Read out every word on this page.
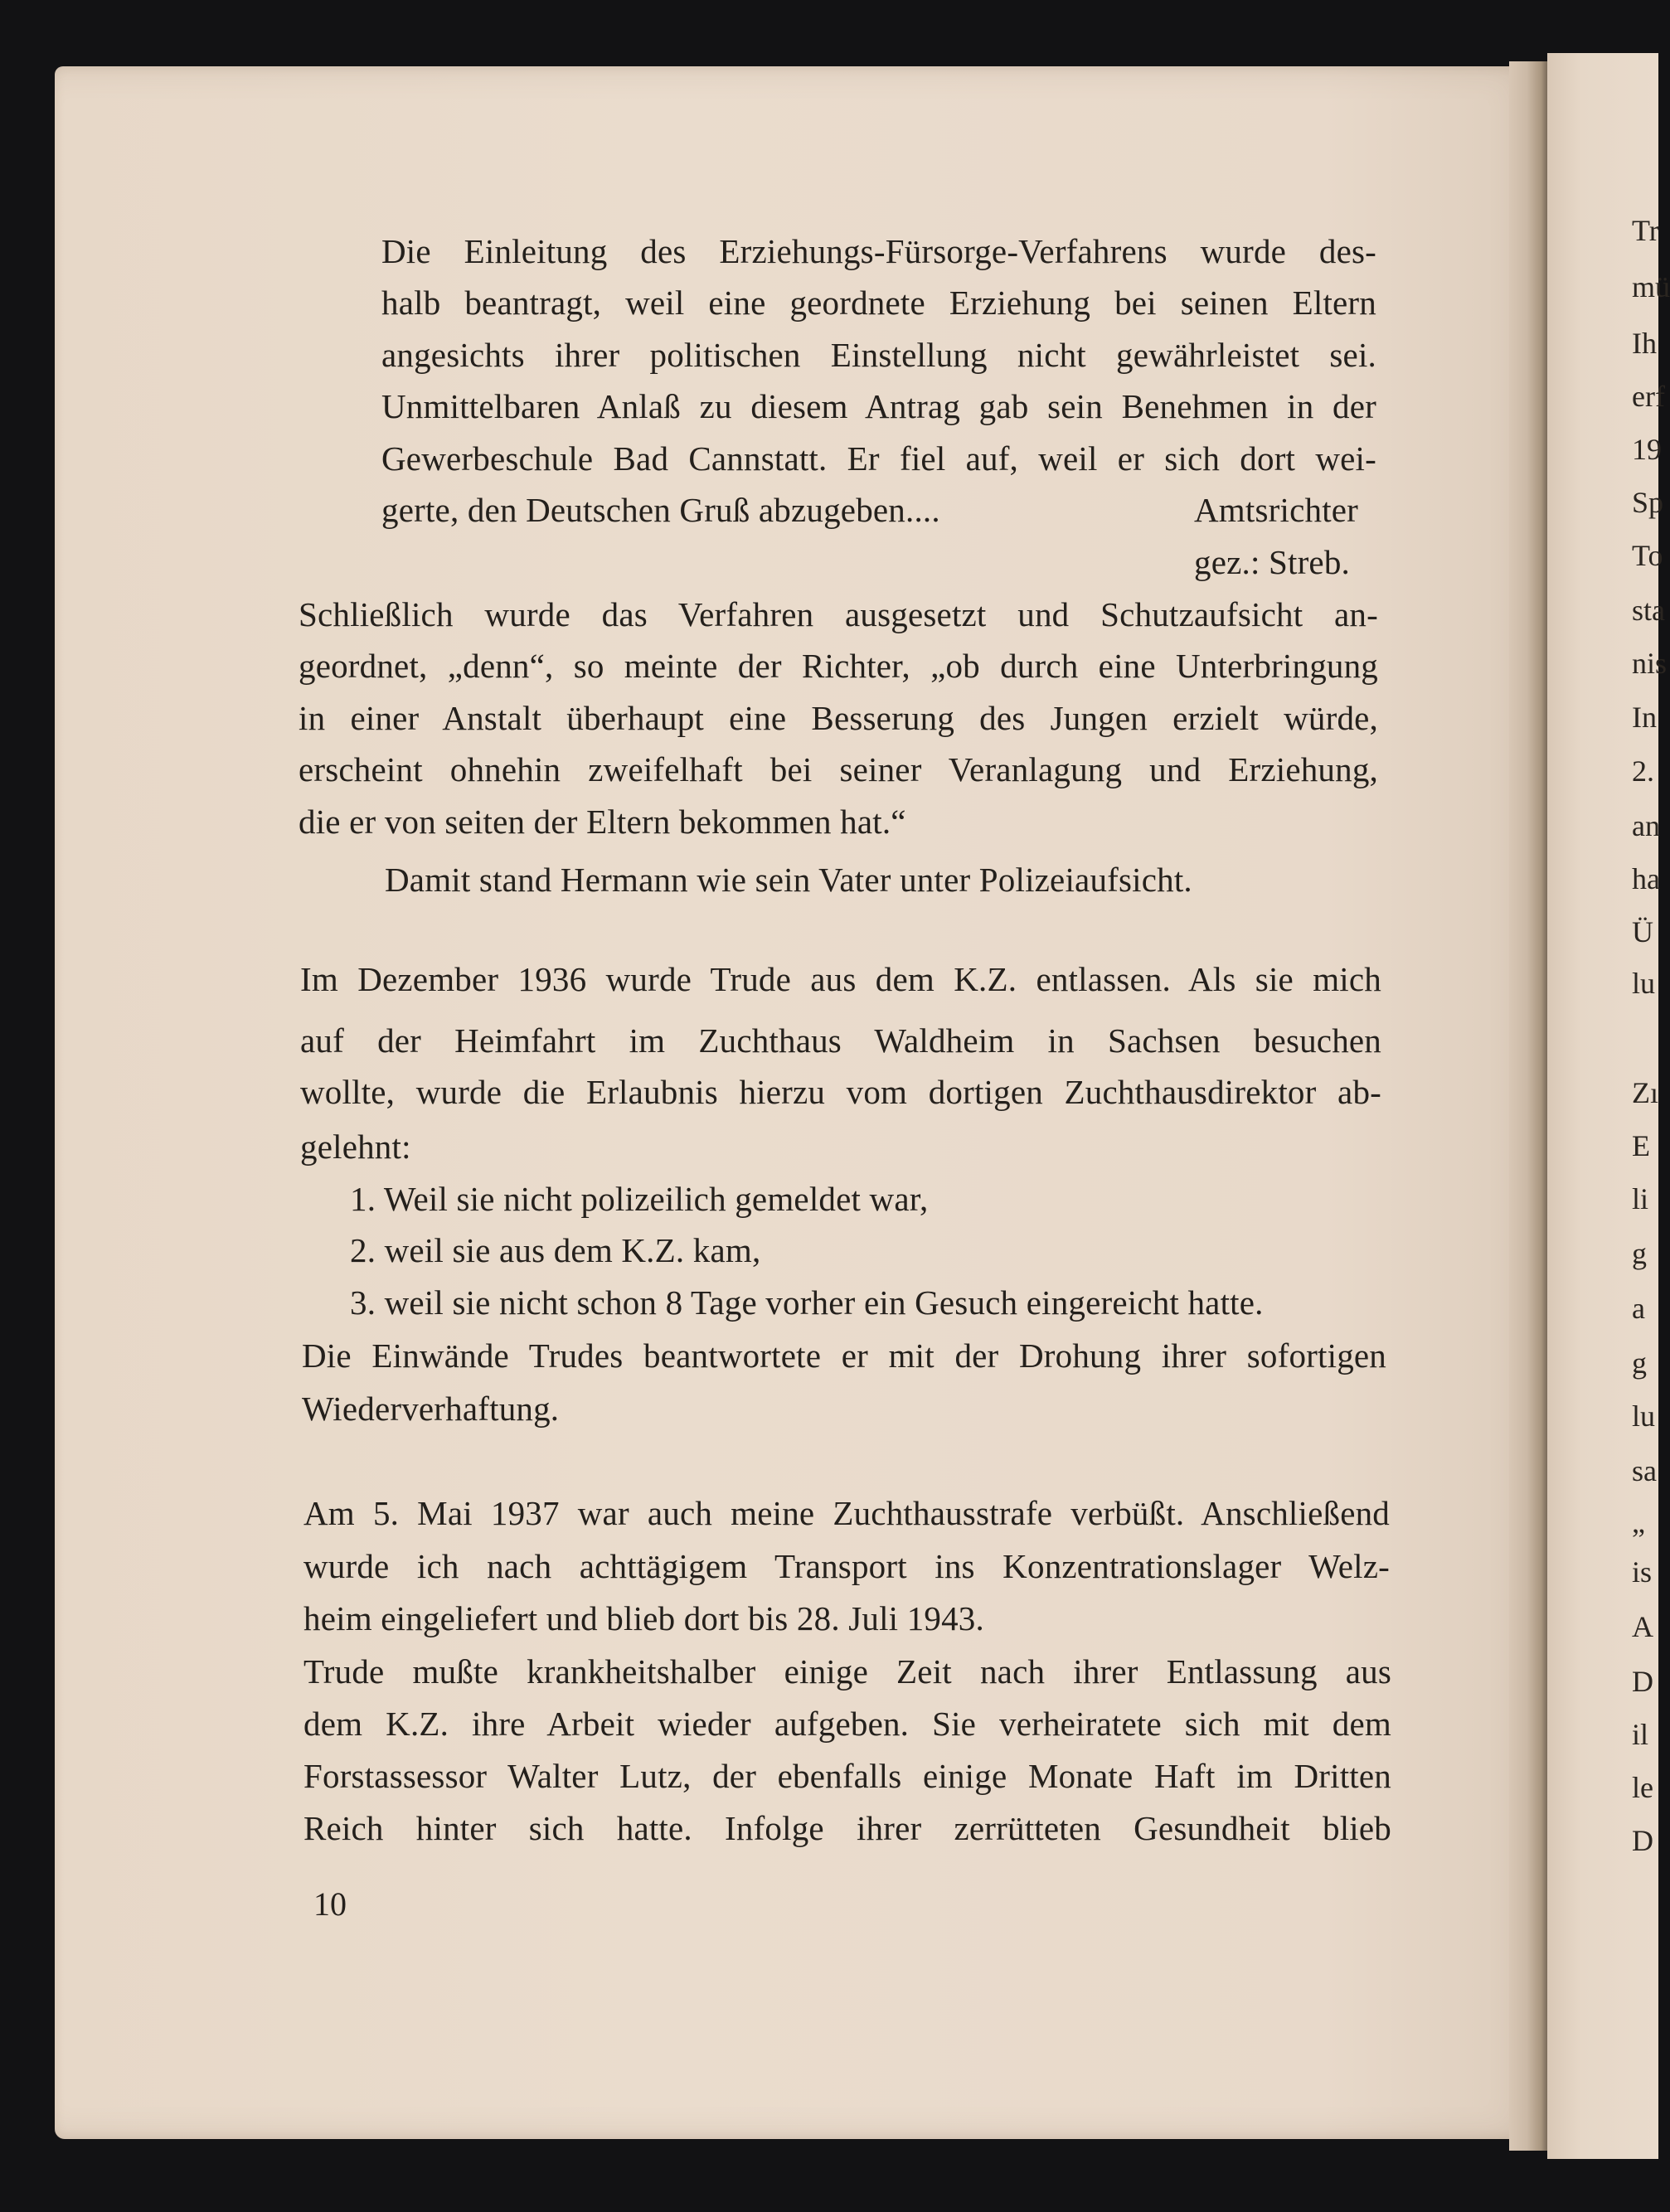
Die Einleitung des Erziehungs-Fürsorge-Verfahrens wurde des-
halb beantragt, weil eine geordnete Erziehung bei seinen Eltern
angesichts ihrer politischen Einstellung nicht gewährleistet sei.
Unmittelbaren Anlaß zu diesem Antrag gab sein Benehmen in der
Gewerbeschule Bad Cannstatt. Er fiel auf, weil er sich dort wei-
gerte, den Deutschen Gruß abzugeben....	Amtsrichter
gez.: Streb.
Schließlich wurde das Verfahren ausgesetzt und Schutzaufsicht an-
geordnet, „denn“, so meinte der Richter, „ob durch eine Unterbringung
in einer Anstalt überhaupt eine Besserung des Jungen erzielt würde,
erscheint ohnehin zweifelhaft bei seiner Veranlagung und Erziehung,
die er von seiten der Eltern bekommen hat.“
Damit stand Hermann wie sein Vater unter Polizeiaufsicht.
Im Dezember 1936 wurde Trude aus dem K.Z. entlassen. Als sie mich
auf der Heimfahrt im Zuchthaus Waldheim in Sachsen besuchen
wollte, wurde die Erlaubnis hierzu vom dortigen Zuchthausdirektor ab-
gelehnt:
1. Weil sie nicht polizeilich gemeldet war,
2. weil sie aus dem K.Z. kam,
3. weil sie nicht schon 8 Tage vorher ein Gesuch eingereicht hatte.
Die Einwände Trudes beantwortete er mit der Drohung ihrer sofortigen
Wiederverhaftung.
Am 5. Mai 1937 war auch meine Zuchthausstrafe verbüßt. Anschließend
wurde ich nach achttägigem Transport ins Konzentrationslager Welz-
heim eingeliefert und blieb dort bis 28. Juli 1943.
Trude mußte krankheitshalber einige Zeit nach ihrer Entlassung aus
dem K.Z. ihre Arbeit wieder aufgeben. Sie verheiratete sich mit dem
Forstassessor Walter Lutz, der ebenfalls einige Monate Haft im Dritten
Reich hinter sich hatte. Infolge ihrer zerrütteten Gesundheit blieb
10
Tr
mü
Ih
erf
19
Sp
To
sta
nis
In
2.
an
ha
Ü
lu
Zı
E
li
g
a
g
lu
sa
„
is
A
D
il
le
D
